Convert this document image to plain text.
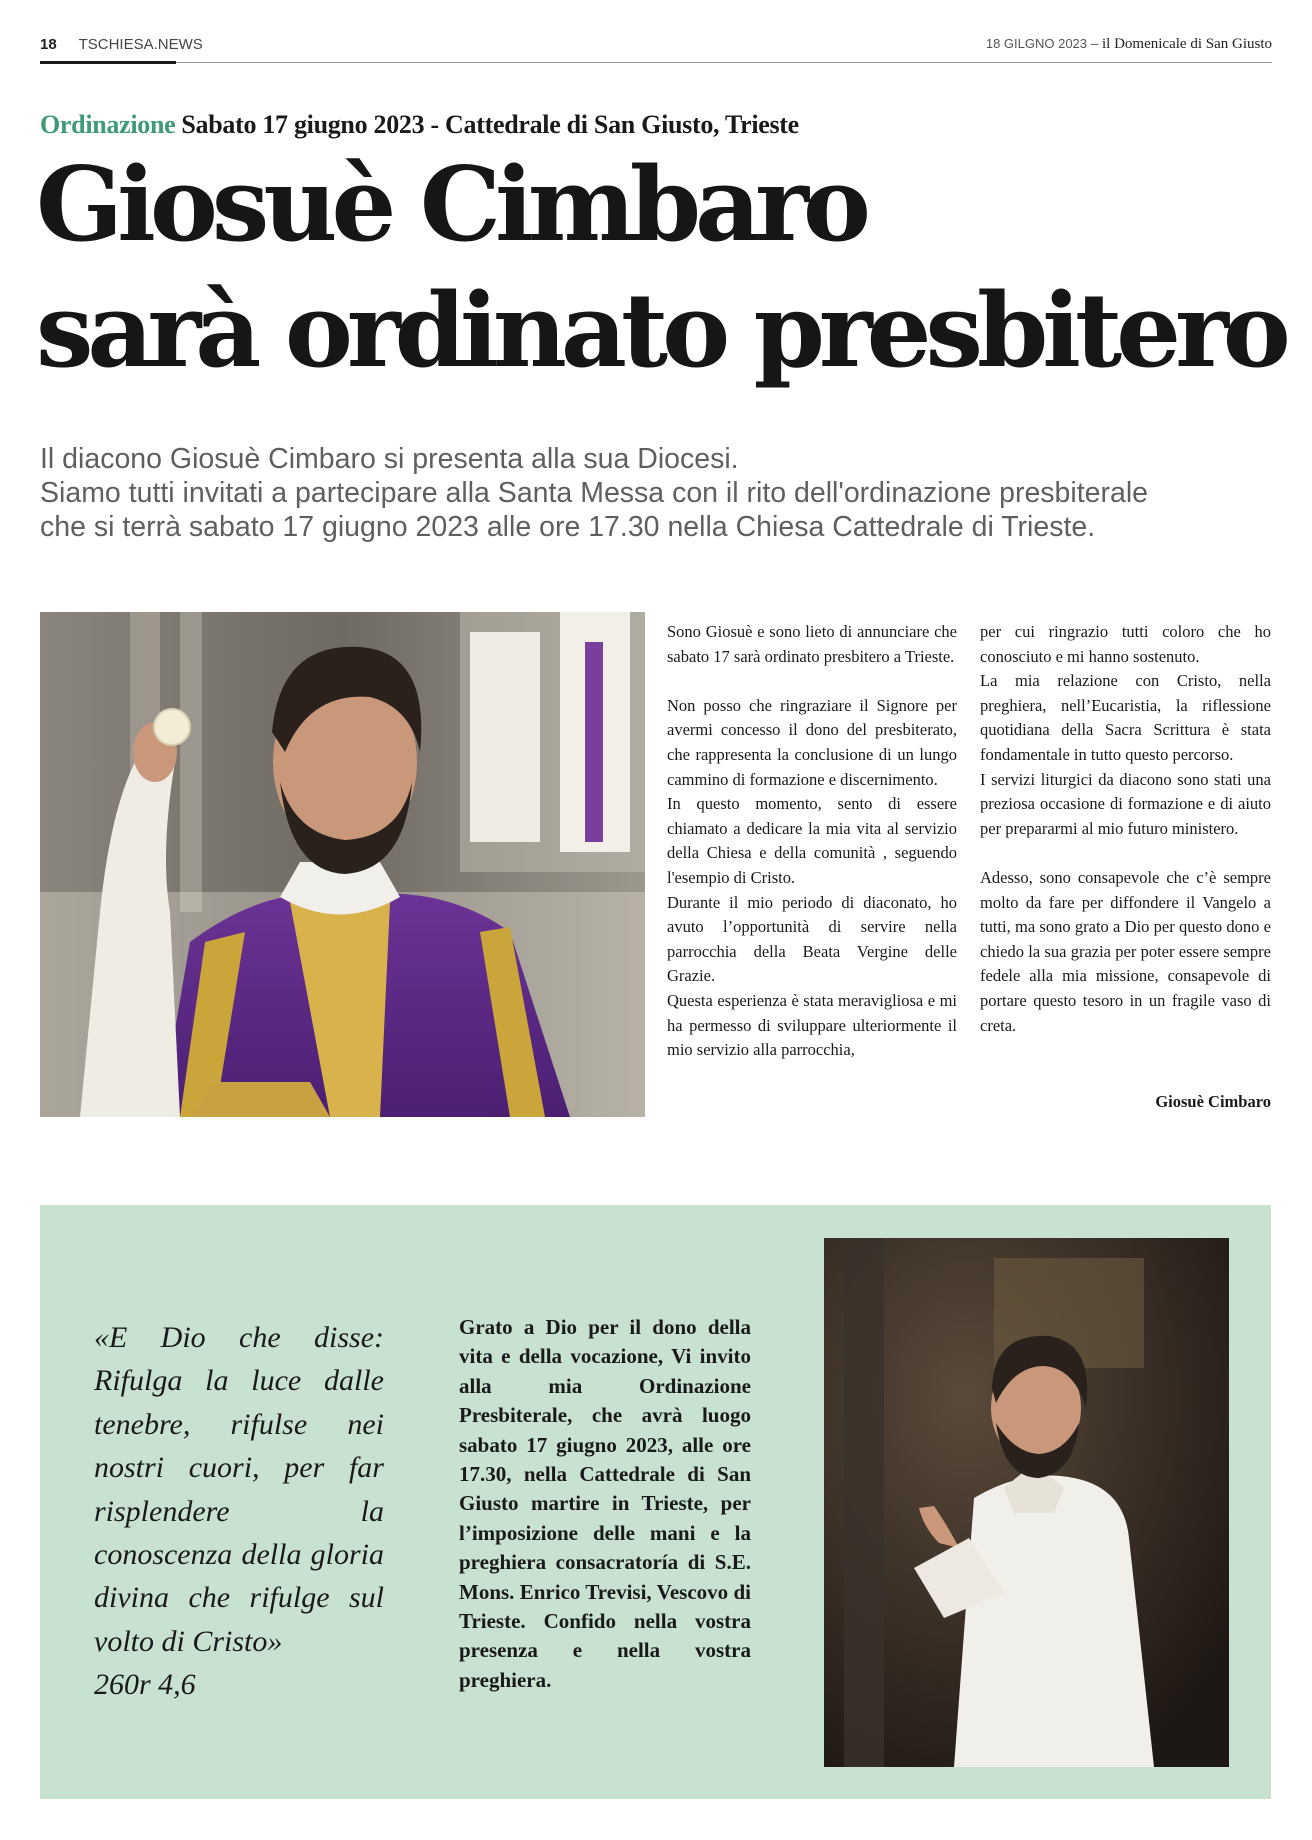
18 TSCHIESA.NEWS	18 GILGNO 2023 – il Domenicale di San Giusto
Ordinazione Sabato 17 giugno 2023 - Cattedrale di San Giusto, Trieste
Giosuè Cimbaro
sarà ordinato presbitero
Il diacono Giosuè Cimbaro si presenta alla sua Diocesi.
Siamo tutti invitati a partecipare alla Santa Messa con il rito dell'ordinazione presbiterale
che si terrà sabato 17 giugno 2023 alle ore 17.30 nella Chiesa Cattedrale di Trieste.

Sono Giosuè e sono lieto di annunciare che sabato 17 sarà ordinato presbitero a Trieste.

Non posso che ringraziare il Signore per avermi concesso il dono del presbiterato, che rappresenta la conclusione di un lungo cammino di formazione e discernimento.

In questo momento, sento di essere chiamato a dedicare la mia vita al servizio della Chiesa e della comunità , seguendo l'esempio di Cristo.

Durante il mio periodo di diaconato, ho avuto l’opportunità di servire nella parrocchia della Beata Vergine delle Grazie.

Questa esperienza è stata meravigliosa e mi ha permesso di sviluppare ulteriormente il mio servizio alla parrocchia,

per cui ringrazio tutti coloro che ho conosciuto e mi hanno sostenuto.

La mia relazione con Cristo, nella preghiera, nell’Eucaristia, la riflessione quotidiana della Sacra Scrittura è stata fondamentale in tutto questo percorso.

I servizi liturgici da diacono sono stati una preziosa occasione di formazione e di aiuto per prepararmi al mio futuro ministero.

Adesso, sono consapevole che c’è sempre molto da fare per diffondere il Vangelo a tutti, ma sono grato a Dio per questo dono e chiedo la sua grazia per poter essere sempre fedele alla mia missione, consapevole di portare questo tesoro in un fragile vaso di creta.

Giosuè Cimbaro
«E Dio che disse: Rifulga la luce dalle tenebre, rifulse nei nostri cuori, per far risplendere la conoscenza della gloria divina che rifulge sul volto di Cristo»
260r 4,6
Grato a Dio per il dono della vita e della vocazione, Vi invito alla mia Ordinazione Presbiterale, che avrà luogo sabato 17 giugno 2023, alle ore 17.30, nella Cattedrale di San Giusto martire in Trieste, per l’imposizione delle mani e la preghiera consacratoría di S.E. Mons. Enrico Trevisi, Vescovo di Trieste. Confido nella vostra presenza e nella vostra preghiera.
